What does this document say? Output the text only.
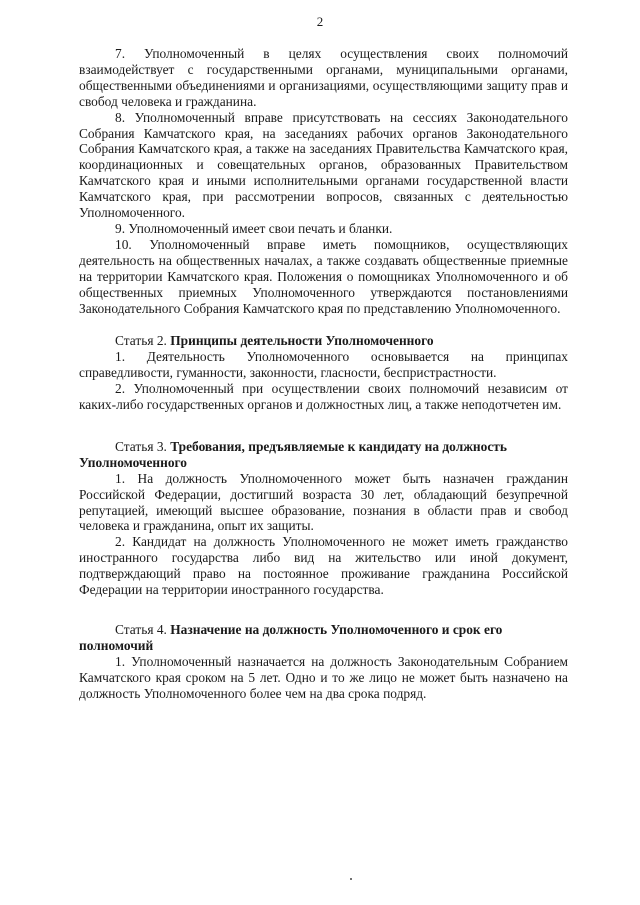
2

7. Уполномоченный в целях осуществления своих полномочий взаимодействует с государственными органами, муниципальными органами, общественными объединениями и организациями, осуществляющими защиту прав и свобод человека и гражданина.

8. Уполномоченный вправе присутствовать на сессиях Законодательного Собрания Камчатского края, на заседаниях рабочих органов Законодательного Собрания Камчатского края, а также на заседаниях Правительства Камчатского края, координационных и совещательных органов, образованных Правительством Камчатского края и иными исполнительными органами государственной власти Камчатского края, при рассмотрении вопросов, связанных с деятельностью Уполномоченного.

9. Уполномоченный имеет свои печать и бланки.

10. Уполномоченный вправе иметь помощников, осуществляющих деятельность на общественных началах, а также создавать общественные приемные на территории Камчатского края. Положения о помощниках Уполномоченного и об общественных приемных Уполномоченного утверждаются постановлениями Законодательного Собрания Камчатского края по представлению Уполномоченного.

Статья 2. Принципы деятельности Уполномоченного

1. Деятельность Уполномоченного основывается на принципах справедливости, гуманности, законности, гласности, беспристрастности.

2. Уполномоченный при осуществлении своих полномочий независим от каких-либо государственных органов и должностных лиц, а также неподотчетен им.

Статья 3. Требования, предъявляемые к кандидату на должность Уполномоченного

1. На должность Уполномоченного может быть назначен гражданин Российской Федерации, достигший возраста 30 лет, обладающий безупречной репутацией, имеющий высшее образование, познания в области прав и свобод человека и гражданина, опыт их защиты.

2. Кандидат на должность Уполномоченного не может иметь гражданство иностранного государства либо вид на жительство или иной документ, подтверждающий право на постоянное проживание гражданина Российской Федерации на территории иностранного государства.

Статья 4. Назначение на должность Уполномоченного и срок его полномочий

1. Уполномоченный назначается на должность Законодательным Собранием Камчатского края сроком на 5 лет. Одно и то же лицо не может быть назначено на должность Уполномоченного более чем на два срока подряд.
